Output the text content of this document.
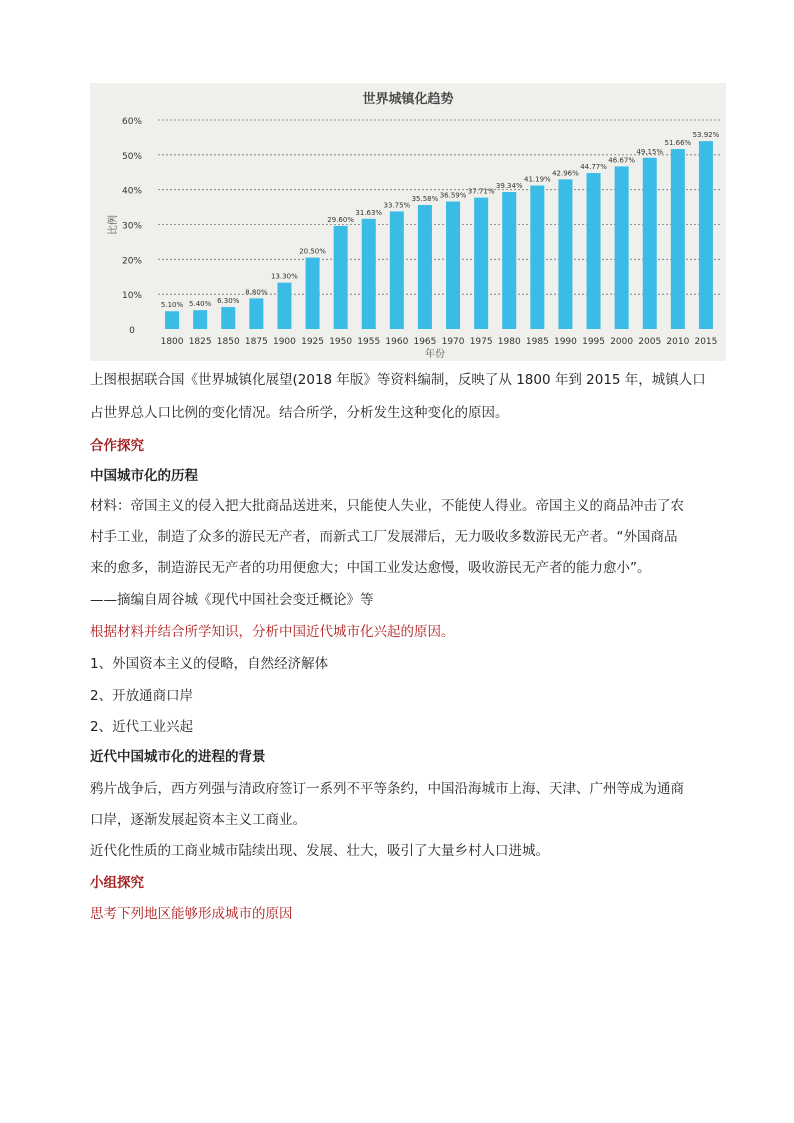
世界城镇化趋势
比例
年份
0
10%
20%
30%
40%
50%
60%
5.10%
1800
5.40%
1825
6.30%
1850
8.80%
1875
13.30%
1900
20.50%
1925
29.60%
1950
31.63%
1955
33.75%
1960
35.58%
1965
36.59%
1970
37.71%
1975
39.34%
1980
41.19%
1985
42.96%
1990
44.77%
1995
46.67%
2000
49.15%
2005
51.66%
2010
53.92%
2015
上图根据联合国《世界城镇化展望(2018 年版》等资料编制，反映了从 1800 年到 2015 年，城镇人口
占世界总人口比例的变化情况。结合所学，分析发生这种变化的原因。
合作探究
中国城市化的历程
材料：帝国主义的侵入把大批商品送进来，只能使人失业，不能使人得业。帝国主义的商品冲击了农
村手工业，制造了众多的游民无产者，而新式工厂发展滞后，无力吸收多数游民无产者。“外国商品
来的愈多，制造游民无产者的功用便愈大；中国工业发达愈慢，吸收游民无产者的能力愈小”。
——摘编自周谷城《现代中国社会变迁概论》等
根据材料并结合所学知识，分析中国近代城市化兴起的原因。
1、外国资本主义的侵略，自然经济解体
2、开放通商口岸
2、近代工业兴起
近代中国城市化的进程的背景
鸦片战争后，西方列强与清政府签订一系列不平等条约，中国沿海城市上海、天津、广州等成为通商
口岸，逐渐发展起资本主义工商业。
近代化性质的工商业城市陆续出现、发展、壮大，吸引了大量乡村人口进城。
小组探究
思考下列地区能够形成城市的原因
